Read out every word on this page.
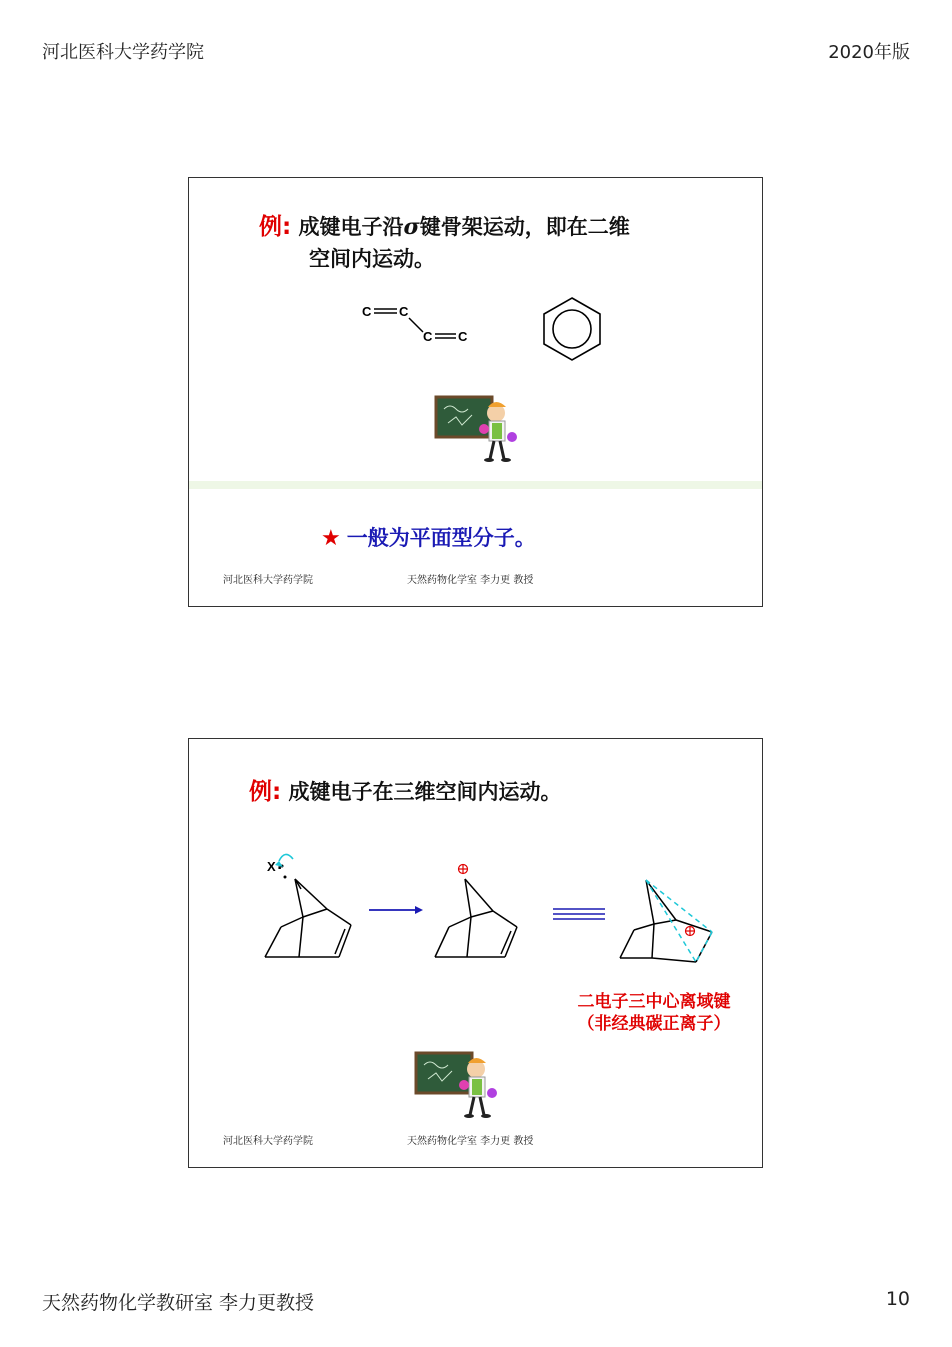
河北医科大学药学院	2020年版
例: 成键电子沿σ键骨架运动，即在二维
空间内运动。
C C
C C
★ 一般为平面型分子。
河北医科大学药学院	天然药物化学室 李力更 教授
例: 成键电子在三维空间内运动。
X
二电子三中心离域键
（非经典碳正离子）
河北医科大学药学院	天然药物化学室 李力更 教授
天然药物化学教研室 李力更教授	10
